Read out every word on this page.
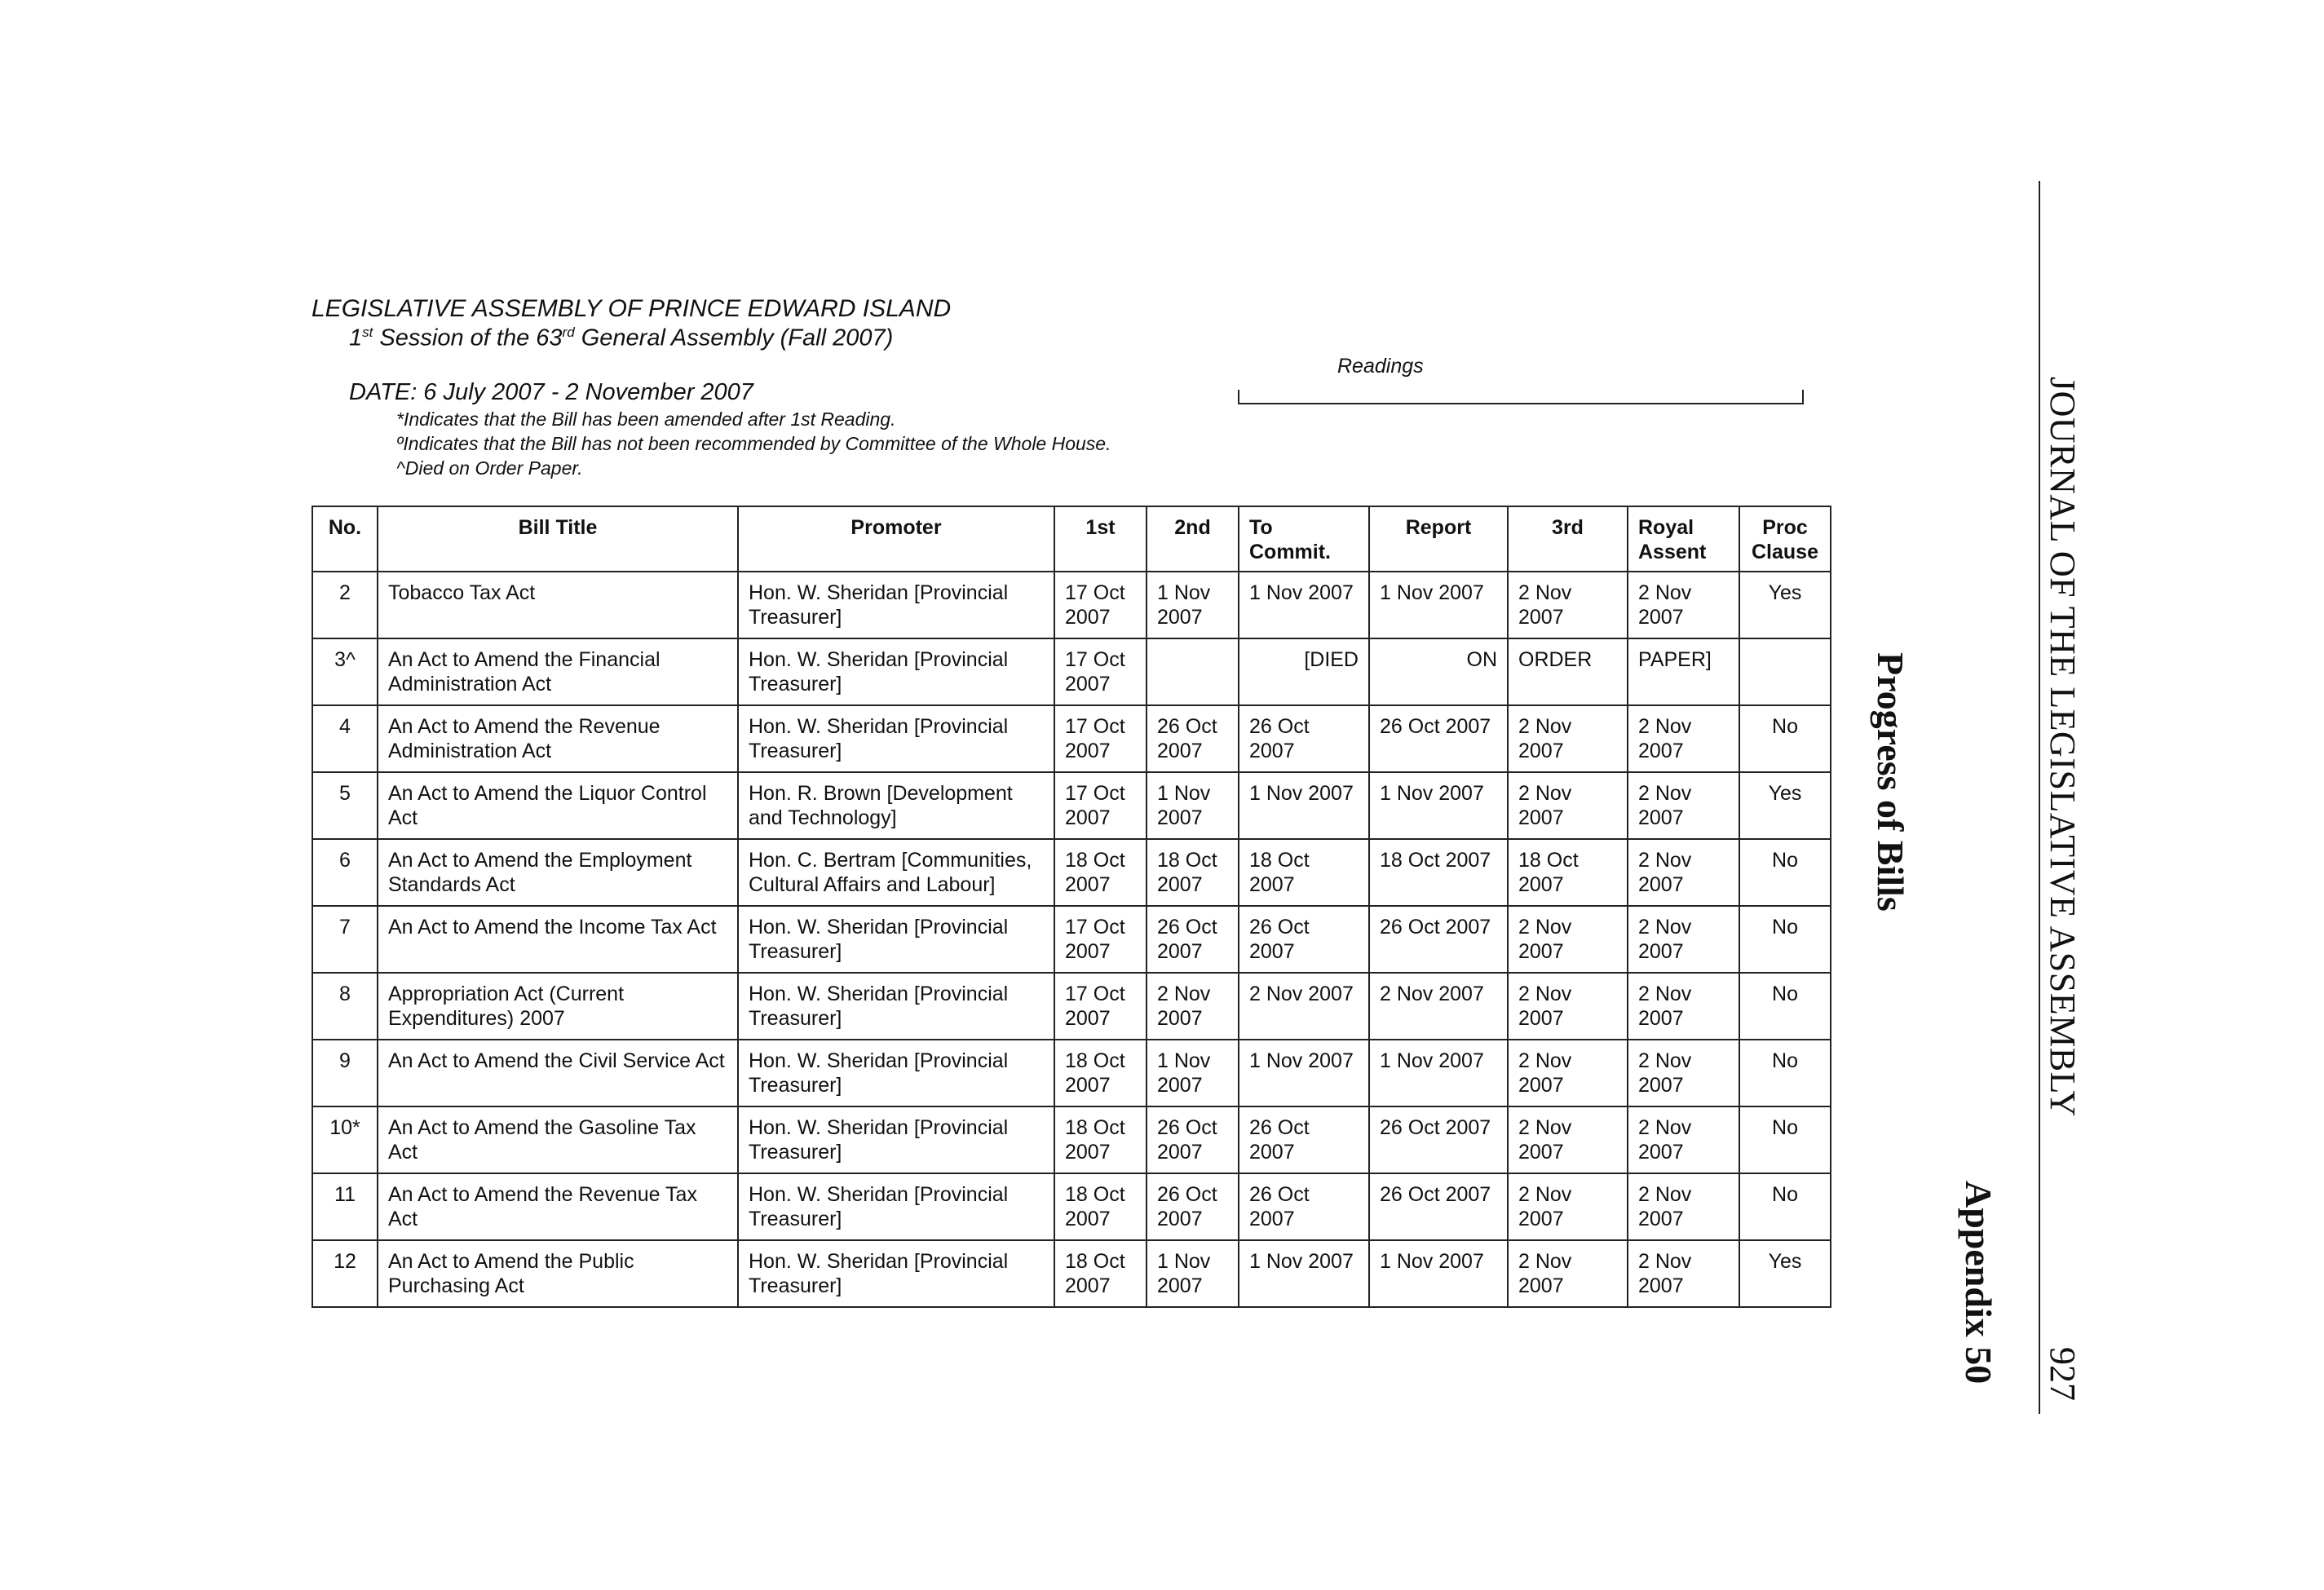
LEGISLATIVE ASSEMBLY OF PRINCE EDWARD ISLAND
1st Session of the 63rd General Assembly (Fall 2007)
DATE: 6 July 2007 - 2 November 2007
*Indicates that the Bill has been amended after 1st Reading.
ºIndicates that the Bill has not been recommended by Committee of the Whole House.
^Died on Order Paper.
Readings
No.	Bill Title	Promoter	1st	2nd	To Commit.	Report	3rd	Royal Assent	Proc Clause
2	Tobacco Tax Act	Hon. W. Sheridan [Provincial Treasurer]	17 Oct 2007	1 Nov 2007	1 Nov 2007	1 Nov 2007	2 Nov 2007	2 Nov 2007	Yes
3^	An Act to Amend the Financial Administration Act	Hon. W. Sheridan [Provincial Treasurer]	17 Oct 2007		[DIED	ON	ORDER	PAPER]	
4	An Act to Amend the Revenue Administration Act	Hon. W. Sheridan [Provincial Treasurer]	17 Oct 2007	26 Oct 2007	26 Oct 2007	26 Oct 2007	2 Nov 2007	2 Nov 2007	No
5	An Act to Amend the Liquor Control Act	Hon. R. Brown [Development and Technology]	17 Oct 2007	1 Nov 2007	1 Nov 2007	1 Nov 2007	2 Nov 2007	2 Nov 2007	Yes
6	An Act to Amend the Employment Standards Act	Hon. C. Bertram [Communities, Cultural Affairs and Labour]	18 Oct 2007	18 Oct 2007	18 Oct 2007	18 Oct 2007	18 Oct 2007	2 Nov 2007	No
7	An Act to Amend the Income Tax Act	Hon. W. Sheridan [Provincial Treasurer]	17 Oct 2007	26 Oct 2007	26 Oct 2007	26 Oct 2007	2 Nov 2007	2 Nov 2007	No
8	Appropriation Act (Current Expenditures) 2007	Hon. W. Sheridan [Provincial Treasurer]	17 Oct 2007	2 Nov 2007	2 Nov 2007	2 Nov 2007	2 Nov 2007	2 Nov 2007	No
9	An Act to Amend the Civil Service Act	Hon. W. Sheridan [Provincial Treasurer]	18 Oct 2007	1 Nov 2007	1 Nov 2007	1 Nov 2007	2 Nov 2007	2 Nov 2007	No
10*	An Act to Amend the Gasoline Tax Act	Hon. W. Sheridan [Provincial Treasurer]	18 Oct 2007	26 Oct 2007	26 Oct 2007	26 Oct 2007	2 Nov 2007	2 Nov 2007	No
11	An Act to Amend the Revenue Tax Act	Hon. W. Sheridan [Provincial Treasurer]	18 Oct 2007	26 Oct 2007	26 Oct 2007	26 Oct 2007	2 Nov 2007	2 Nov 2007	No
12	An Act to Amend the Public Purchasing Act	Hon. W. Sheridan [Provincial Treasurer]	18 Oct 2007	1 Nov 2007	1 Nov 2007	1 Nov 2007	2 Nov 2007	2 Nov 2007	Yes
JOURNAL OF THE LEGISLATIVE ASSEMBLY
927
Progress of Bills
Appendix 50
